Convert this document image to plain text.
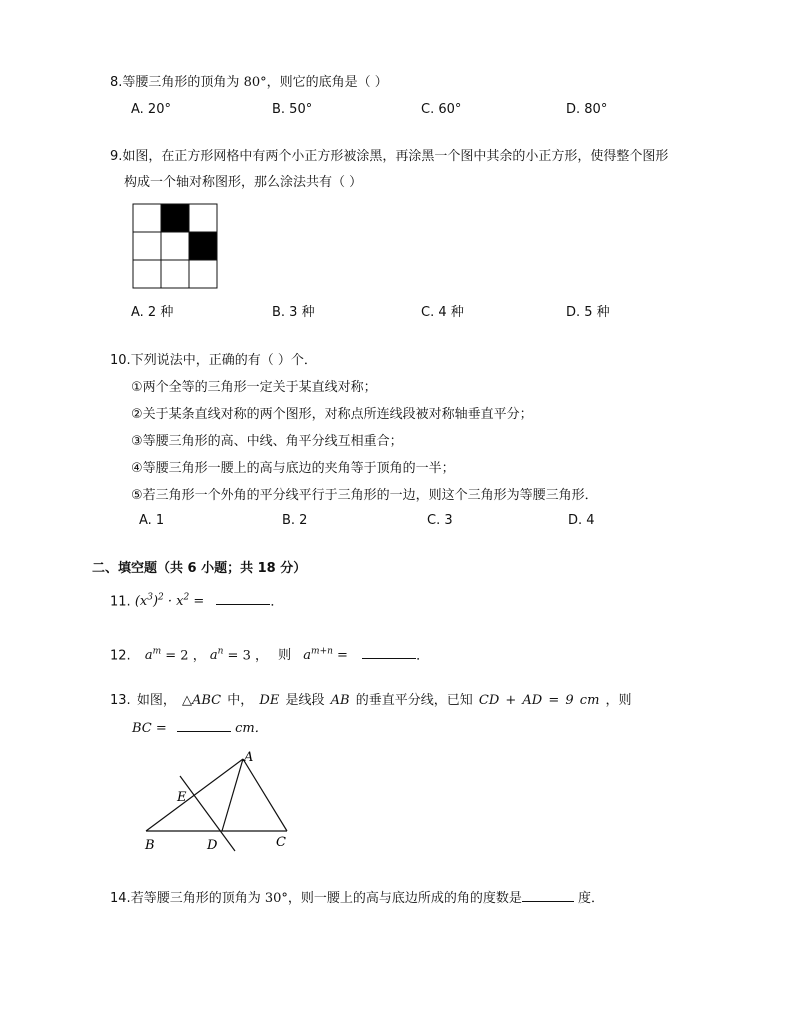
8.等腰三角形的顶角为 80°，则它的底角是（ ）
A. 20°	B. 50°	C. 60°	D. 80°
9.如图，在正方形网格中有两个小正方形被涂黑，再涂黑一个图中其余的小正方形，使得整个图形
构成一个轴对称图形，那么涂法共有（ ）
A. 2 种	B. 3 种	C. 4 种	D. 5 种
10.下列说法中，正确的有（ ）个．
①两个全等的三角形一定关于某直线对称；
②关于某条直线对称的两个图形，对称点所连线段被对称轴垂直平分；
③等腰三角形的高、中线、角平分线互相重合；
④等腰三角形一腰上的高与底边的夹角等于顶角的一半；
⑤若三角形一个外角的平分线平行于三角形的一边，则这个三角形为等腰三角形．
A. 1	B. 2	C. 3	D. 4
二、填空题（共 6 小题；共 18 分）
11. $(x^3)^2 \cdot x^2$ =	．
12. $a^m = 2$ ， $a^n = 3$ ， 则 $a^{m+n}$ =	．
13. 如图， △ABC 中， DE 是线段 AB 的垂直平分线，已知 CD + AD = 9 cm ，则
BC =	cm．
A
B	C
D
E
14.若等腰三角形的顶角为 30°，则一腰上的高与底边所成的角的度数是	度．
